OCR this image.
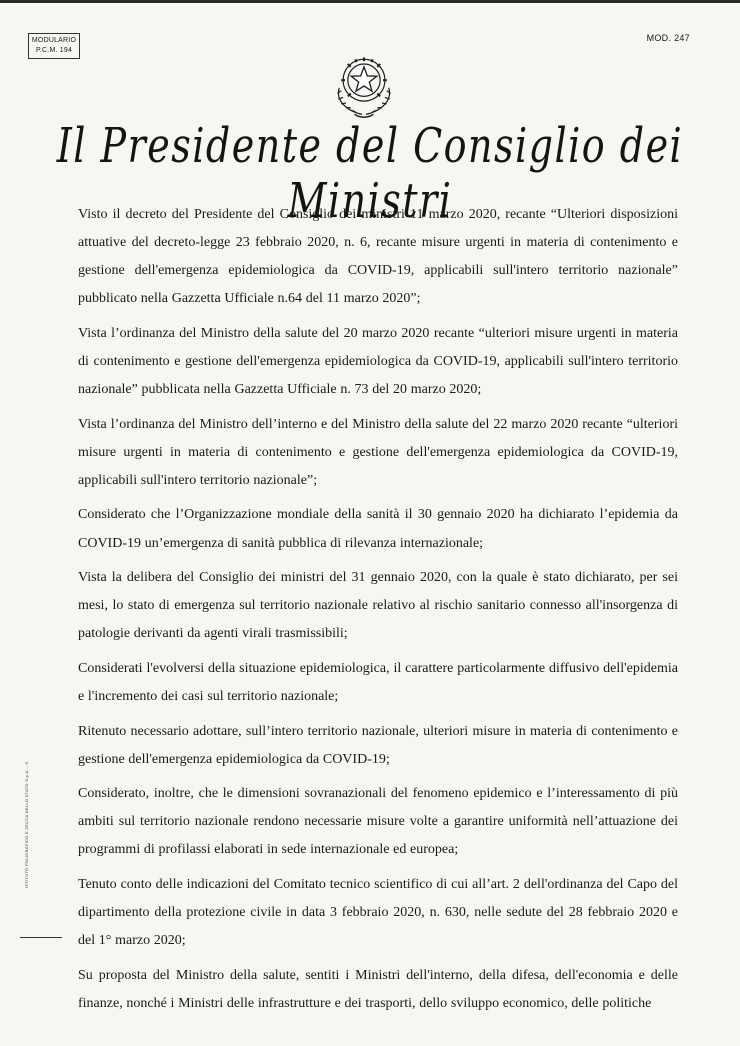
MODULARIO
P.C.M. 194
MOD. 247
Il Presidente del Consiglio dei Ministri
ISTITUTO POLIGRAFICO E ZECCA DELLO STATO S.p.A. - S

Visto il decreto del Presidente del Consiglio dei ministri 11 marzo 2020, recante “Ulteriori disposizioni attuative del decreto-legge 23 febbraio 2020, n. 6, recante misure urgenti in materia di contenimento e gestione dell'emergenza epidemiologica da COVID-19, applicabili sull'intero territorio nazionale” pubblicato nella Gazzetta Ufficiale n.64 del 11 marzo 2020”;

Vista l’ordinanza del Ministro della salute del 20 marzo 2020 recante “ulteriori misure urgenti in materia di contenimento e gestione dell'emergenza epidemiologica da COVID-19, applicabili sull'intero territorio nazionale” pubblicata nella Gazzetta Ufficiale n. 73 del 20 marzo 2020;

Vista l’ordinanza del Ministro dell’interno e del Ministro della salute del 22 marzo 2020 recante “ulteriori misure urgenti in materia di contenimento e gestione dell'emergenza epidemiologica da COVID-19, applicabili sull'intero territorio nazionale”;

Considerato che l’Organizzazione mondiale della sanità il 30 gennaio 2020 ha dichiarato l’epidemia da COVID-19 un’emergenza di sanità pubblica di rilevanza internazionale;

Vista la delibera del Consiglio dei ministri del 31 gennaio 2020, con la quale è stato dichiarato, per sei mesi, lo stato di emergenza sul territorio nazionale relativo al rischio sanitario connesso all'insorgenza di patologie derivanti da agenti virali trasmissibili;

Considerati l'evolversi della situazione epidemiologica, il carattere particolarmente diffusivo dell'epidemia e l'incremento dei casi sul territorio nazionale;

Ritenuto necessario adottare, sull’intero territorio nazionale, ulteriori misure in materia di contenimento e gestione dell'emergenza epidemiologica da COVID-19;

Considerato, inoltre, che le dimensioni sovranazionali del fenomeno epidemico e l’interessamento di più ambiti sul territorio nazionale rendono necessarie misure volte a garantire uniformità nell’attuazione dei programmi di profilassi elaborati in sede internazionale ed europea;

Tenuto conto delle indicazioni del Comitato tecnico scientifico di cui all’art. 2 dell'ordinanza del Capo del dipartimento della protezione civile in data 3 febbraio 2020, n. 630, nelle sedute del 28 febbraio 2020 e del 1° marzo 2020;

Su proposta del Ministro della salute, sentiti i Ministri dell'interno, della difesa, dell'economia e delle finanze, nonché i Ministri delle infrastrutture e dei trasporti, dello sviluppo economico, delle politiche
